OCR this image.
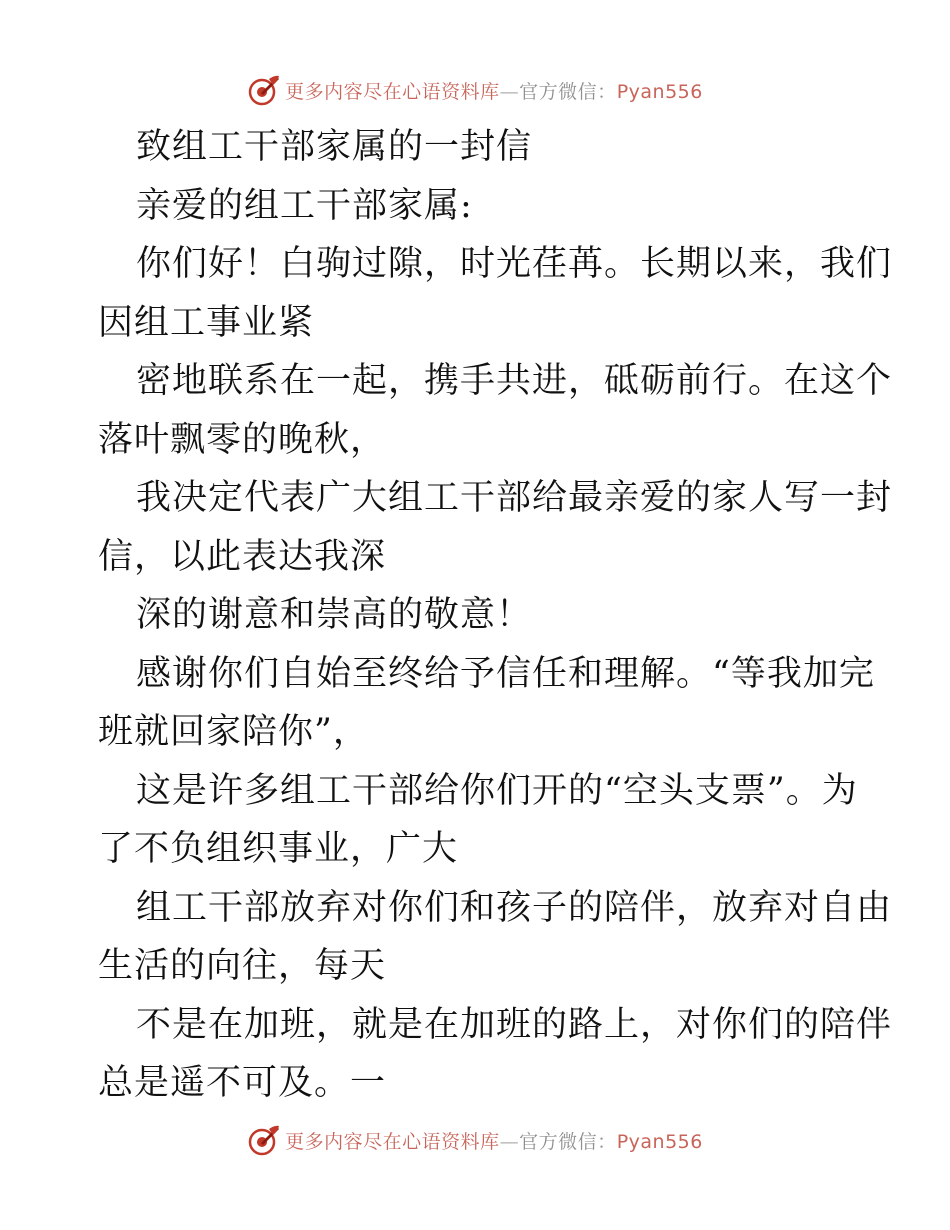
更多内容尽在心语资料库—官方微信：Pyan556
致组工干部家属的一封信
亲爱的组工干部家属:
你们好！白驹过隙，时光荏苒。长期以来，我们
因组工事业紧
密地联系在一起，携手共进，砥砺前行。在这个
落叶飘零的晚秋，
我决定代表广大组工干部给最亲爱的家人写一封
信，以此表达我深
深的谢意和崇高的敬意！
感谢你们自始至终给予信任和理解。“等我加完
班就回家陪你”，
这是许多组工干部给你们开的“空头支票”。为
了不负组织事业，广大
组工干部放弃对你们和孩子的陪伴，放弃对自由
生活的向往，每天
不是在加班，就是在加班的路上，对你们的陪伴
总是遥不可及。一
更多内容尽在心语资料库—官方微信：Pyan556
